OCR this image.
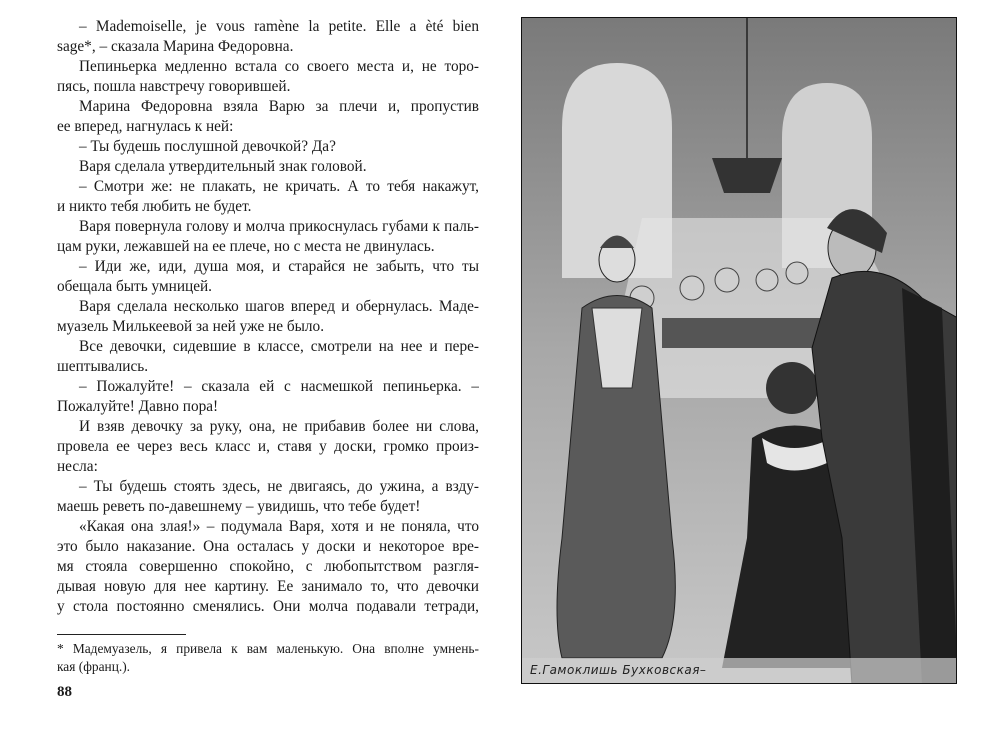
– Mademoiselle, je vous ramène la petite. Elle a èté bien
sage*, – сказала Марина Федоровна.
Пепиньерка медленно встала со своего места и, не торо-
пясь, пошла навстречу говорившей.
Марина Федоровна взяла Варю за плечи и, пропустив
ее вперед, нагнулась к ней:
– Ты будешь послушной девочкой? Да?
Варя сделала утвердительный знак головой.
– Смотри же: не плакать, не кричать. А то тебя накажут,
и никто тебя любить не будет.
Варя повернула голову и молча прикоснулась губами к паль-
цам руки, лежавшей на ее плече, но с места не двинулась.
– Иди же, иди, душа моя, и старайся не забыть, что ты
обещала быть умницей.
Варя сделала несколько шагов вперед и обернулась. Маде-
муазель Милькеевой за ней уже не было.
Все девочки, сидевшие в классе, смотрели на нее и пере-
шептывались.
– Пожалуйте! – сказала ей с насмешкой пепиньерка. –
Пожалуйте! Давно пора!
И взяв девочку за руку, она, не прибавив более ни слова,
провела ее через весь класс и, ставя у доски, громко произ-
несла:
– Ты будешь стоять здесь, не двигаясь, до ужина, а взду-
маешь реветь по-давешнему – увидишь, что тебе будет!
«Какая она злая!» – подумала Варя, хотя и не поняла, что
это было наказание. Она осталась у доски и некоторое вре-
мя стояла совершенно спокойно, с любопытством разгля-
дывая новую для нее картину. Ее занимало то, что девочки
у стола постоянно сменялись. Они молча подавали тетради,
* Мадемуазель, я привела к вам маленькую. Она вполне умнень-
кая (франц.).
88
Е.Гамоклишь Бухковская–
